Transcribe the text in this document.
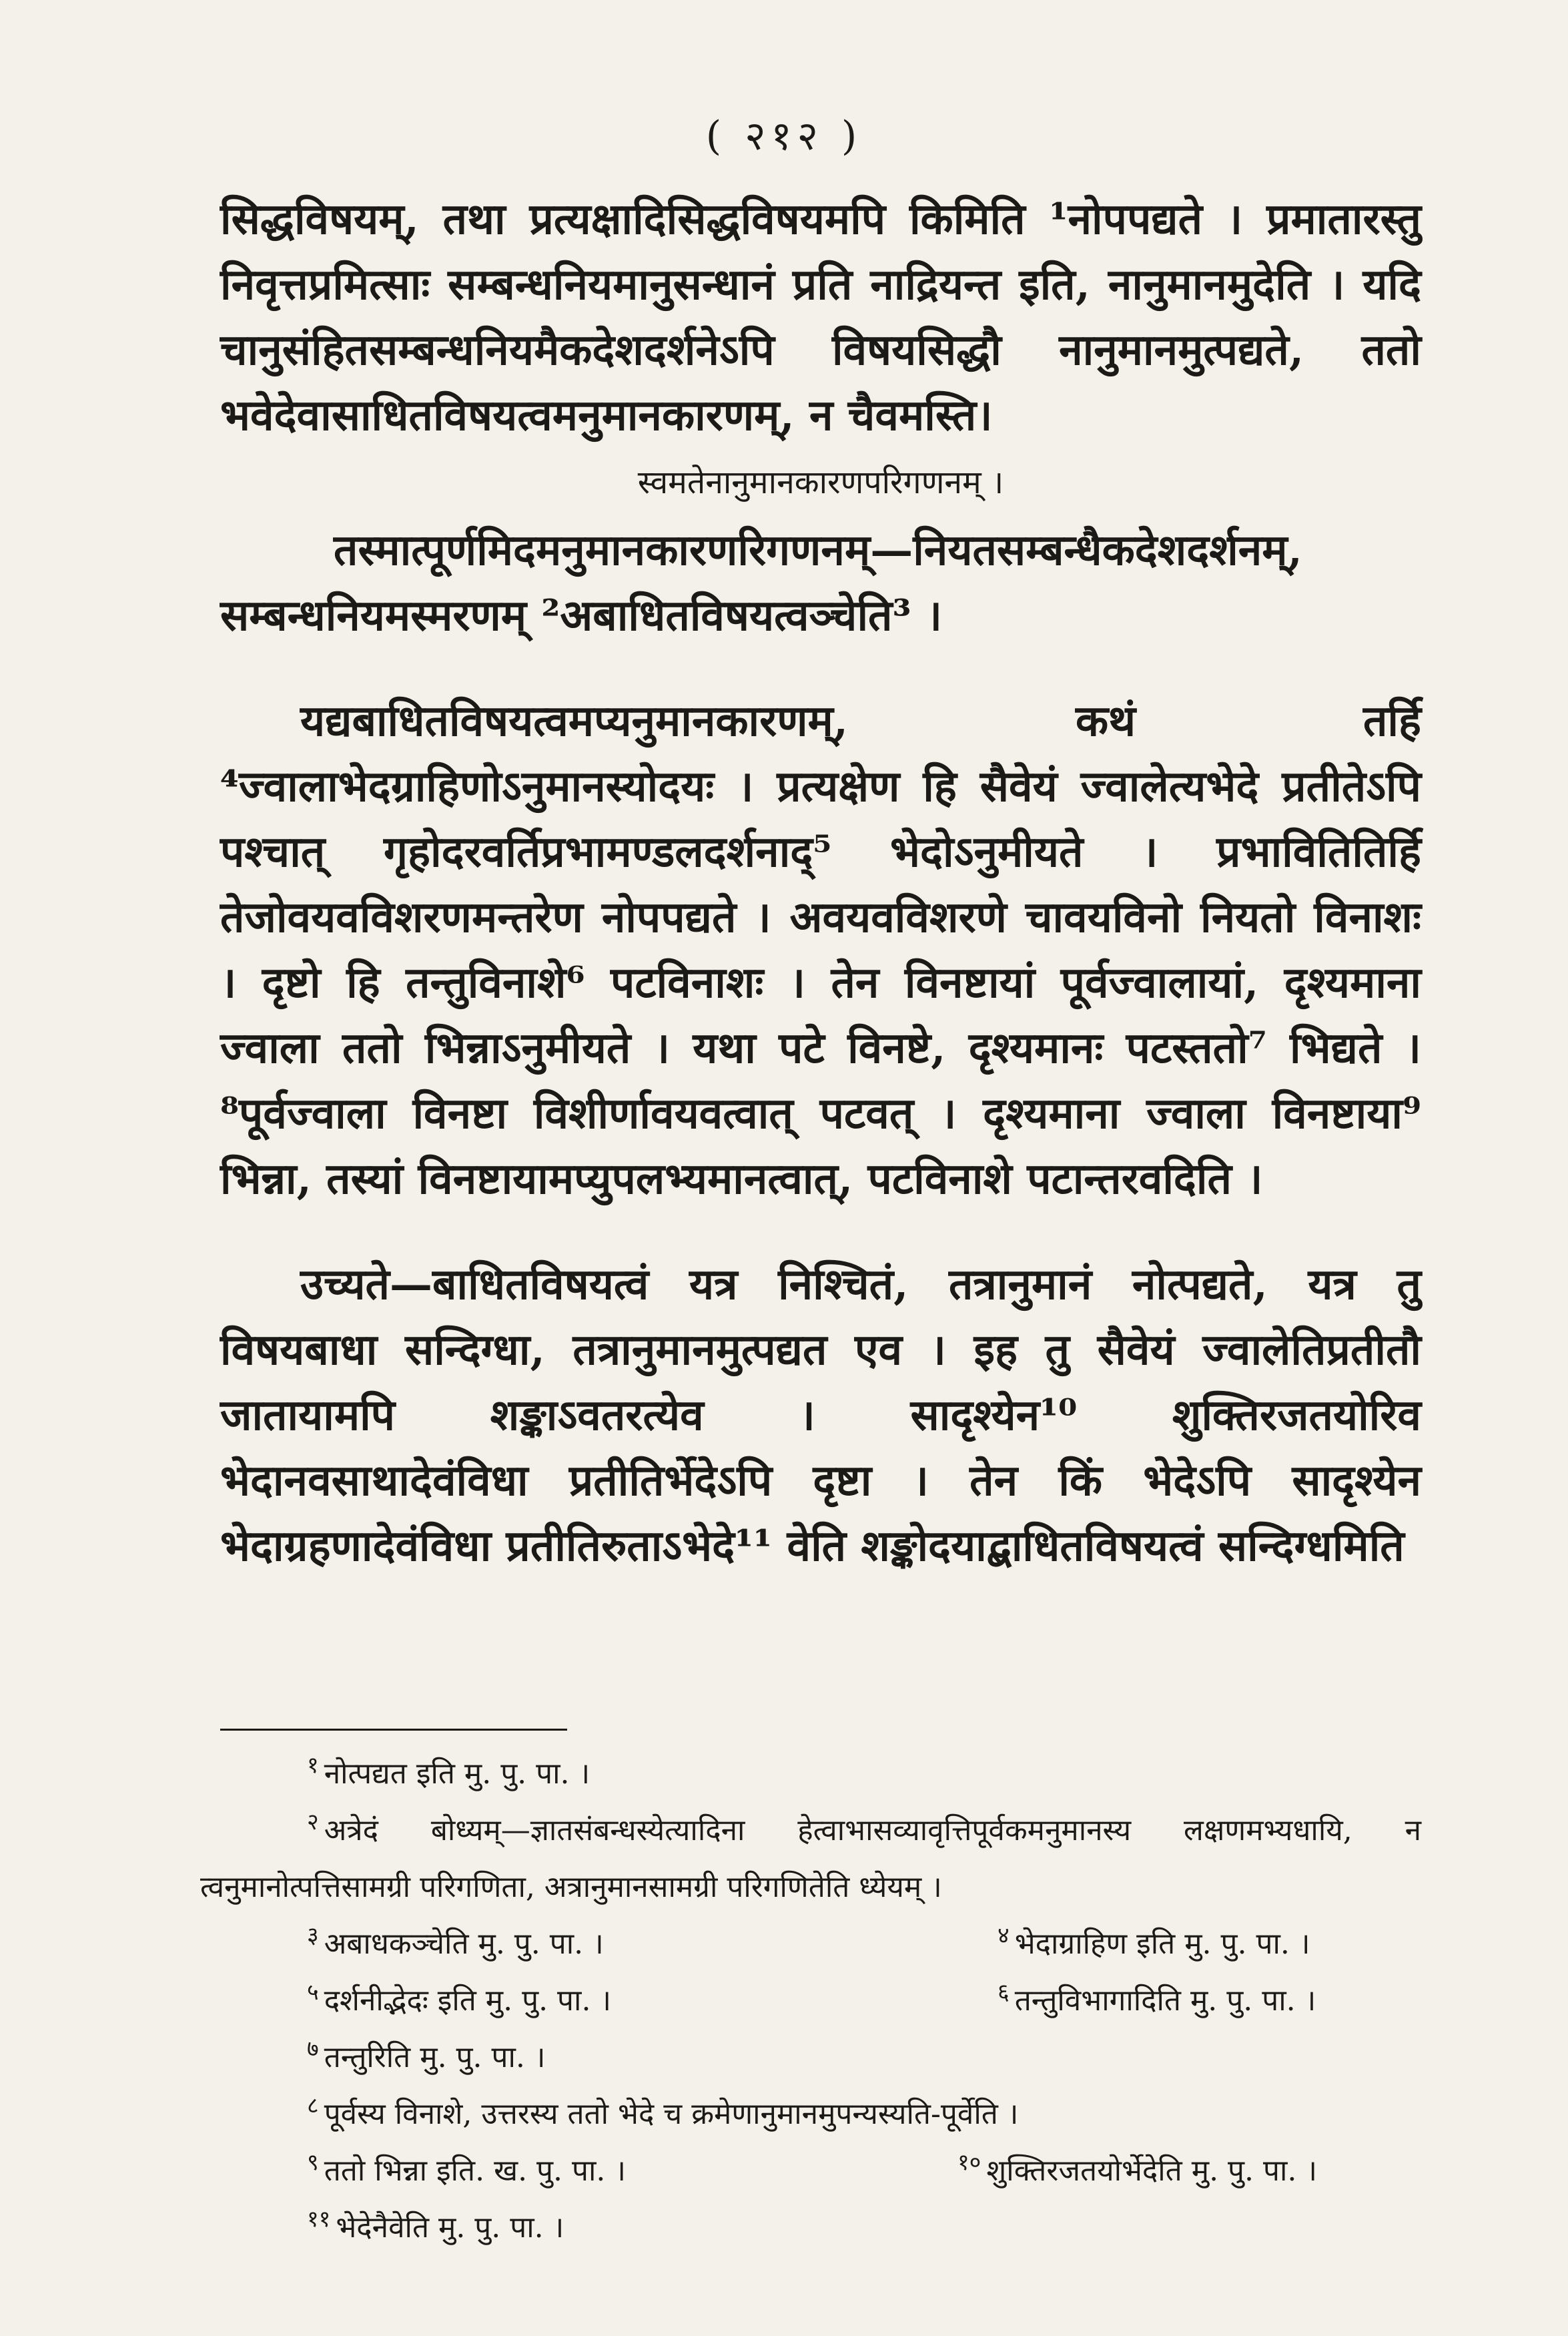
( २१२ )

सिद्धविषयम्, तथा प्रत्यक्षादिसिद्धविषयमपि किमिति ¹नोपपद्यते । प्रमातारस्तु निवृत्तप्रमित्साः सम्बन्धनियमानुसन्धानं प्रति नाद्रियन्त इति, नानुमानमुदेति । यदि चानुसंहितसम्बन्धनियमैकदेशदर्शनेऽपि विषयसिद्धौ नानुमानमुत्पद्यते, ततो भवेदेवासाधितविषयत्वमनुमानकारणम्, न चैवमस्ति।

स्वमतेनानुमानकारणपरिगणनम् ।

तस्मात्पूर्णमिदमनुमानकारणरिगणनम्—नियतसम्बन्धैकदेशदर्शनम्, सम्बन्धनियमस्मरणम् ²अबाधितविषयत्वञ्चेति³ ।

यद्यबाधितविषयत्वमप्यनुमानकारणम्, कथं तर्हि ⁴ज्वालाभेदग्राहिणोऽनुमानस्योदयः । प्रत्यक्षेण हि सैवेयं ज्वालेत्यभेदे प्रतीतेऽपि पश्चात् गृहोदरवर्तिप्रभामण्डलदर्शनाद्⁵ भेदोऽनुमीयते । प्रभावितितिर्हि तेजोवयवविशरणमन्तरेण नोपपद्यते । अवयवविशरणे चावयविनो नियतो विनाशः । दृष्टो हि तन्तुविनाशे⁶ पटविनाशः । तेन विनष्टायां पूर्वज्वालायां, दृश्यमाना ज्वाला ततो भिन्नाऽनुमीयते । यथा पटे विनष्टे, दृश्यमानः पटस्ततो⁷ भिद्यते । ⁸पूर्वज्वाला विनष्टा विशीर्णावयवत्वात् पटवत् । दृश्यमाना ज्वाला विनष्टाया⁹ भिन्ना, तस्यां विनष्टायामप्युपलभ्यमानत्वात्, पटविनाशे पटान्तरवदिति ।

उच्यते—बाधितविषयत्वं यत्र निश्चितं, तत्रानुमानं नोत्पद्यते, यत्र तु विषयबाधा सन्दिग्धा, तत्रानुमानमुत्पद्यत एव । इह तु सैवेयं ज्वालेतिप्रतीतौ जातायामपि शङ्काऽवतरत्येव । सादृश्येन¹⁰ शुक्तिरजतयोरिव भेदानवसाथादेवंविधा प्रतीतिर्भेदेऽपि दृष्टा । तेन किं भेदेऽपि सादृश्येन भेदाग्रहणादेवंविधा प्रतीतिरुताऽभेदे¹¹ वेति शङ्कोदयाद्बाधितविषयत्वं सन्दिग्धमिति

$^१$ नोत्पद्यत इति मु. पु. पा. ।

$^२$ अत्रेदं बोध्यम्—ज्ञातसंबन्धस्येत्यादिना हेत्वाभासव्यावृत्तिपूर्वकमनुमानस्य लक्षणमभ्यधायि, न त्वनुमानोत्पत्तिसामग्री परिगणिता, अत्रानुमानसामग्री परिगणितेति ध्येयम् ।

$^३$ अबाधकञ्चेति मु. पु. पा. ।	$^४$ भेदाग्राहिण इति मु. पु. पा. ।

$^५$ दर्शनीद्भेदः इति मु. पु. पा. ।	$^६$ तन्तुविभागादिति मु. पु. पा. ।

$^७$ तन्तुरिति मु. पु. पा. ।

$^८$ पूर्वस्य विनाशे, उत्तरस्य ततो भेदे च क्रमेणानुमानमुपन्यस्यति-पूर्वेति ।

$^९$ ततो भिन्ना इति. ख. पु. पा. ।	$^{१०}$ शुक्तिरजतयोर्भेदेति मु. पु. पा. ।

$^{११}$ भेदेनैवेति मु. पु. पा. ।
